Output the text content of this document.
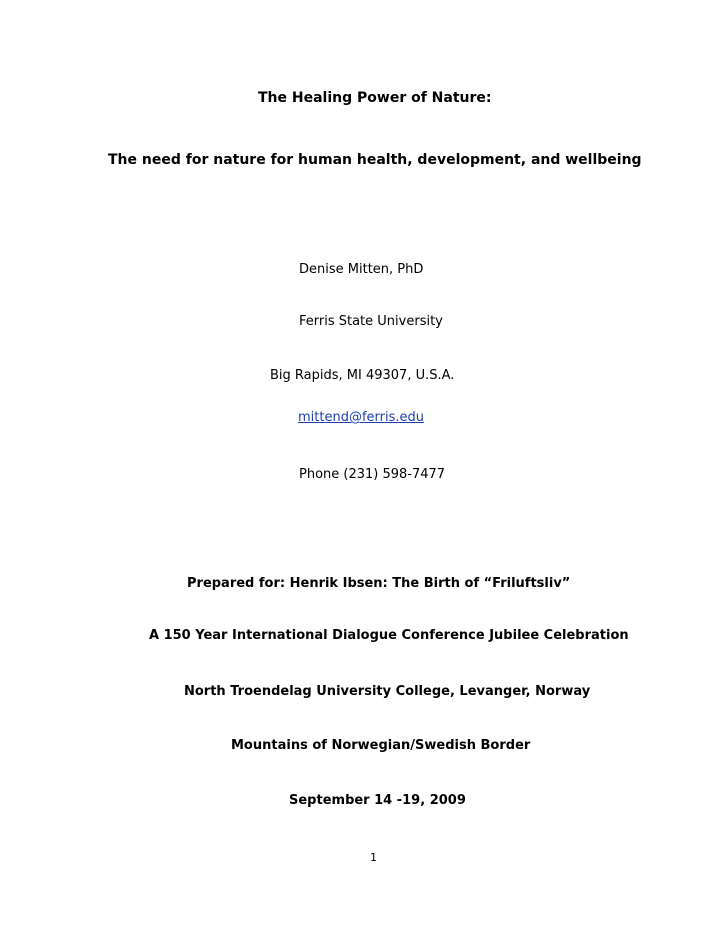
The Healing Power of Nature:
The need for nature for human health, development, and wellbeing
Denise Mitten, PhD
Ferris State University
Big Rapids, MI 49307, U.S.A.
mittend@ferris.edu
Phone (231) 598-7477
Prepared for: Henrik Ibsen: The Birth of “Friluftsliv”
A 150 Year International Dialogue Conference Jubilee Celebration
North Troendelag University College, Levanger, Norway
Mountains of Norwegian/Swedish Border
September 14 -19, 2009
1
